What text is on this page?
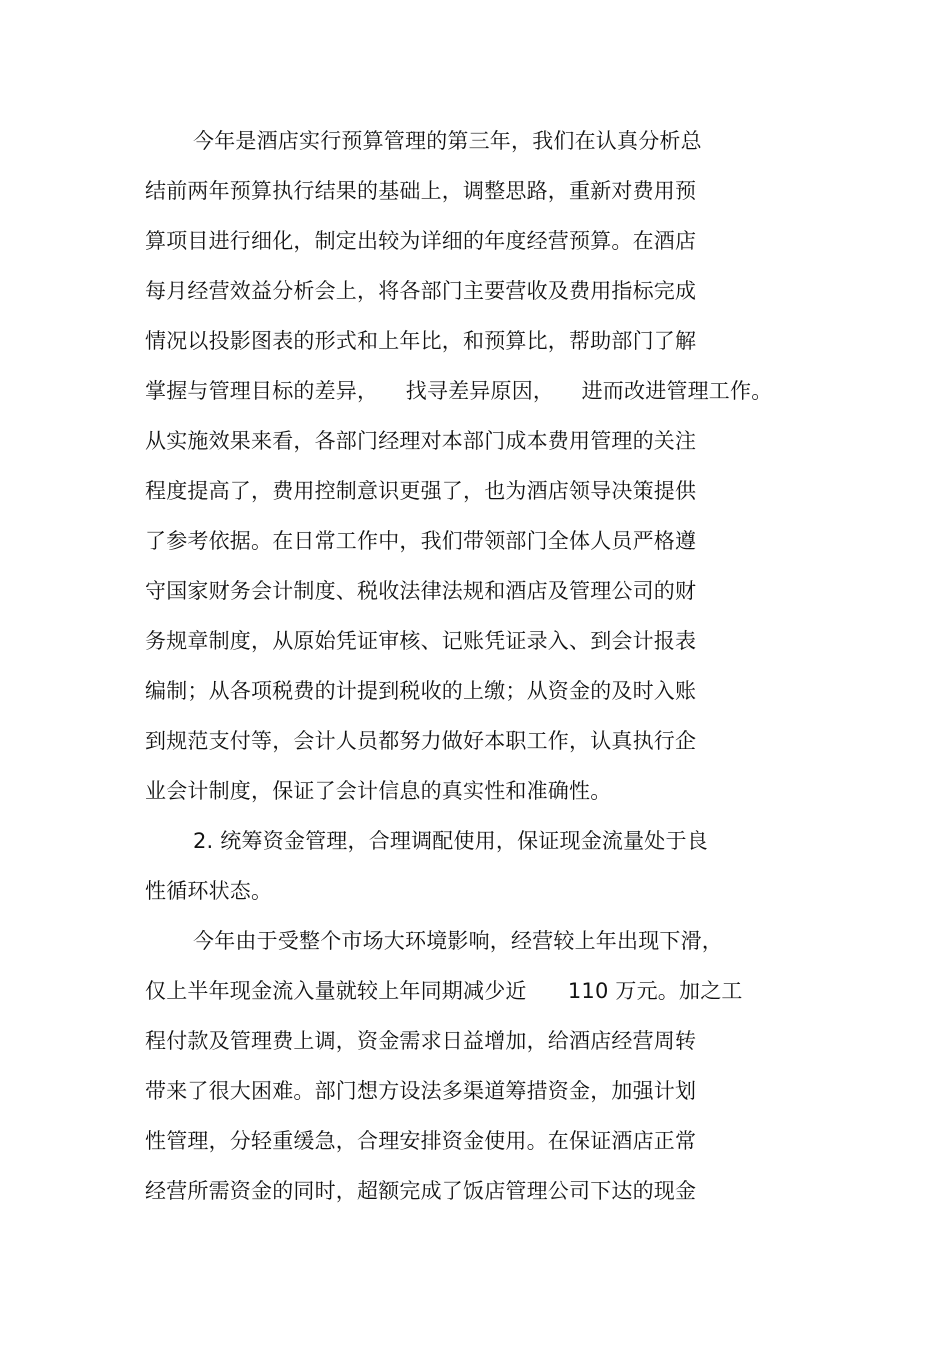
今年是酒店实行预算管理的第三年，我们在认真分析总
结前两年预算执行结果的基础上，调整思路，重新对费用预
算项目进行细化，制定出较为详细的年度经营预算。在酒店
每月经营效益分析会上，将各部门主要营收及费用指标完成
情况以投影图表的形式和上年比，和预算比，帮助部门了解
掌握与管理目标的差异，    找寻差异原因，    进而改进管理工作。
从实施效果来看，各部门经理对本部门成本费用管理的关注
程度提高了，费用控制意识更强了，也为酒店领导决策提供
了参考依据。在日常工作中，我们带领部门全体人员严格遵
守国家财务会计制度、税收法律法规和酒店及管理公司的财
务规章制度，从原始凭证审核、记账凭证录入、到会计报表
编制；从各项税费的计提到税收的上缴；从资金的及时入账
到规范支付等，会计人员都努力做好本职工作，认真执行企
业会计制度，保证了会计信息的真实性和准确性。
2. 统筹资金管理，合理调配使用，保证现金流量处于良
性循环状态。
今年由于受整个市场大环境影响，经营较上年出现下滑，
仅上半年现金流入量就较上年同期减少近      110 万元。加之工
程付款及管理费上调，资金需求日益增加，给酒店经营周转
带来了很大困难。部门想方设法多渠道筹措资金，加强计划
性管理，分轻重缓急，合理安排资金使用。在保证酒店正常
经营所需资金的同时，超额完成了饭店管理公司下达的现金
